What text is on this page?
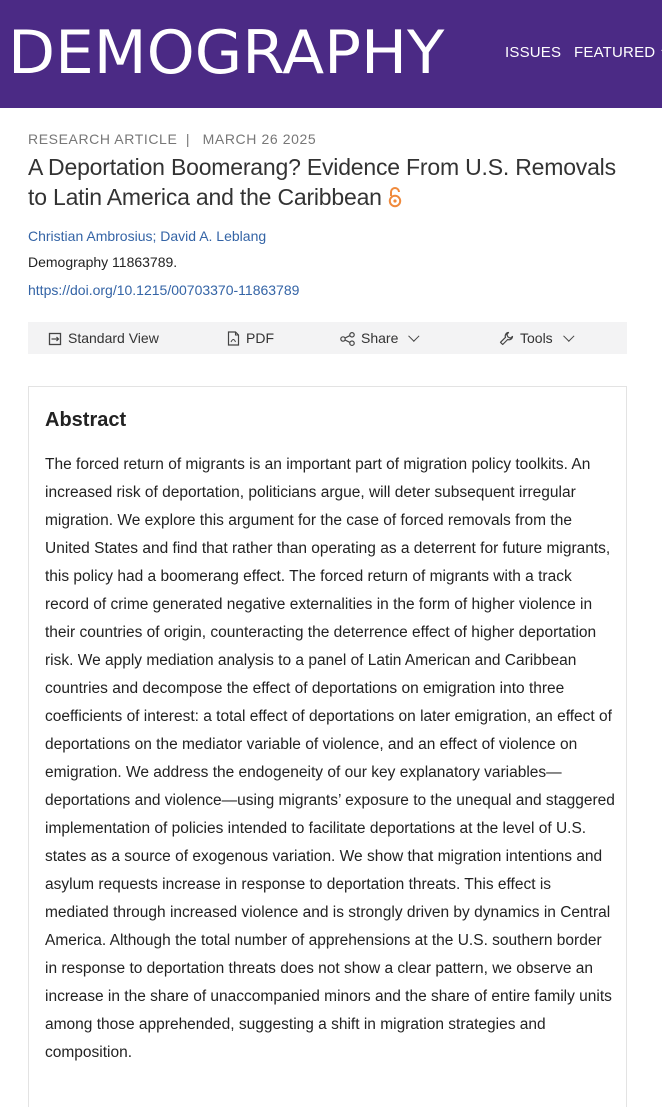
DEMOGRAPHY	ISSUES FEATURED
RESEARCH ARTICLE | MARCH 26 2025
A Deportation Boomerang? Evidence From U.S. Removals to Latin America and the Caribbean
Christian Ambrosius; David A. Leblang
Demography 11863789.
https://doi.org/10.1215/00703370-11863789
Standard View	PDF	Share	Tools
Abstract

The forced return of migrants is an important part of migration policy toolkits. An increased risk of deportation, politicians argue, will deter subsequent irregular migration. We explore this argument for the case of forced removals from the United States and find that rather than operating as a deterrent for future migrants, this policy had a boomerang effect. The forced return of migrants with a track record of crime generated negative externalities in the form of higher violence in their countries of origin, counteracting the deterrence effect of higher deportation risk. We apply mediation analysis to a panel of Latin American and Caribbean countries and decompose the effect of deportations on emigration into three coefficients of interest: a total effect of deportations on later emigration, an effect of deportations on the mediator variable of violence, and an effect of violence on emigration. We address the endogeneity of our key explanatory variables—deportations and violence—using migrants’ exposure to the unequal and staggered implementation of policies intended to facilitate deportations at the level of U.S. states as a source of exogenous variation. We show that migration intentions and asylum requests increase in response to deportation threats. This effect is mediated through increased violence and is strongly driven by dynamics in Central America. Although the total number of apprehensions at the U.S. southern border in response to deportation threats does not show a clear pattern, we observe an increase in the share of unaccompanied minors and the share of entire family units among those apprehended, suggesting a shift in migration strategies and composition.
